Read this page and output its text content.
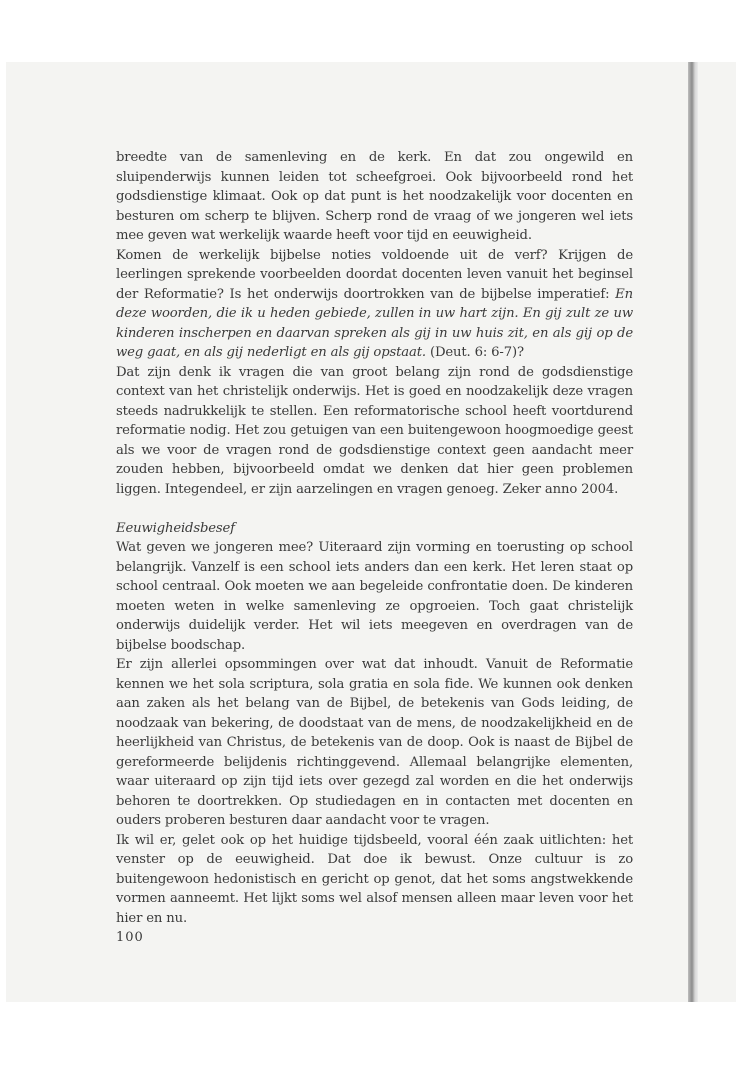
breedte van de samenleving en de kerk. En dat zou ongewild en sluipenderwijs kunnen leiden tot scheefgroei. Ook bijvoorbeeld rond het godsdienstige klimaat. Ook op dat punt is het noodzakelijk voor docenten en besturen om scherp te blijven. Scherp rond de vraag of we jongeren wel iets mee geven wat werkelijk waarde heeft voor tijd en eeuwigheid.

Komen de werkelijk bijbelse noties voldoende uit de verf? Krijgen de leerlingen sprekende voorbeelden doordat docenten leven vanuit het beginsel der Reformatie? Is het onderwijs doortrokken van de bijbelse imperatief: En deze woorden, die ik u heden gebiede, zullen in uw hart zijn. En gij zult ze uw kinderen inscherpen en daarvan spreken als gij in uw huis zit, en als gij op de weg gaat, en als gij nederligt en als gij opstaat. (Deut. 6: 6-7)?

Dat zijn denk ik vragen die van groot belang zijn rond de godsdienstige context van het christelijk onderwijs. Het is goed en noodzakelijk deze vragen steeds nadrukkelijk te stellen. Een reformatorische school heeft voortdurend reformatie nodig. Het zou getuigen van een buitengewoon hoogmoedige geest als we voor de vragen rond de godsdienstige context geen aandacht meer zouden hebben, bijvoorbeeld omdat we denken dat hier geen problemen liggen. Integendeel, er zijn aarzelingen en vragen genoeg. Zeker anno 2004.

Eeuwigheidsbesef

Wat geven we jongeren mee? Uiteraard zijn vorming en toerusting op school belangrijk. Vanzelf is een school iets anders dan een kerk. Het leren staat op school centraal. Ook moeten we aan begeleide confrontatie doen. De kinderen moeten weten in welke samenleving ze opgroeien. Toch gaat christelijk onderwijs duidelijk verder. Het wil iets meegeven en overdragen van de bijbelse boodschap.

Er zijn allerlei opsommingen over wat dat inhoudt. Vanuit de Reformatie kennen we het sola scriptura, sola gratia en sola fide. We kunnen ook denken aan zaken als het belang van de Bijbel, de betekenis van Gods leiding, de noodzaak van bekering, de doodstaat van de mens, de noodzakelijkheid en de heerlijkheid van Christus, de betekenis van de doop. Ook is naast de Bijbel de gereformeerde belijdenis richtinggevend. Allemaal belangrijke elementen, waar uiteraard op zijn tijd iets over gezegd zal worden en die het onderwijs behoren te doortrekken. Op studiedagen en in contacten met docenten en ouders proberen besturen daar aandacht voor te vragen.

Ik wil er, gelet ook op het huidige tijdsbeeld, vooral één zaak uitlichten: het venster op de eeuwigheid. Dat doe ik bewust. Onze cultuur is zo buitengewoon hedonistisch en gericht op genot, dat het soms angstwekkende vormen aanneemt. Het lijkt soms wel alsof mensen alleen maar leven voor het hier en nu.

100
